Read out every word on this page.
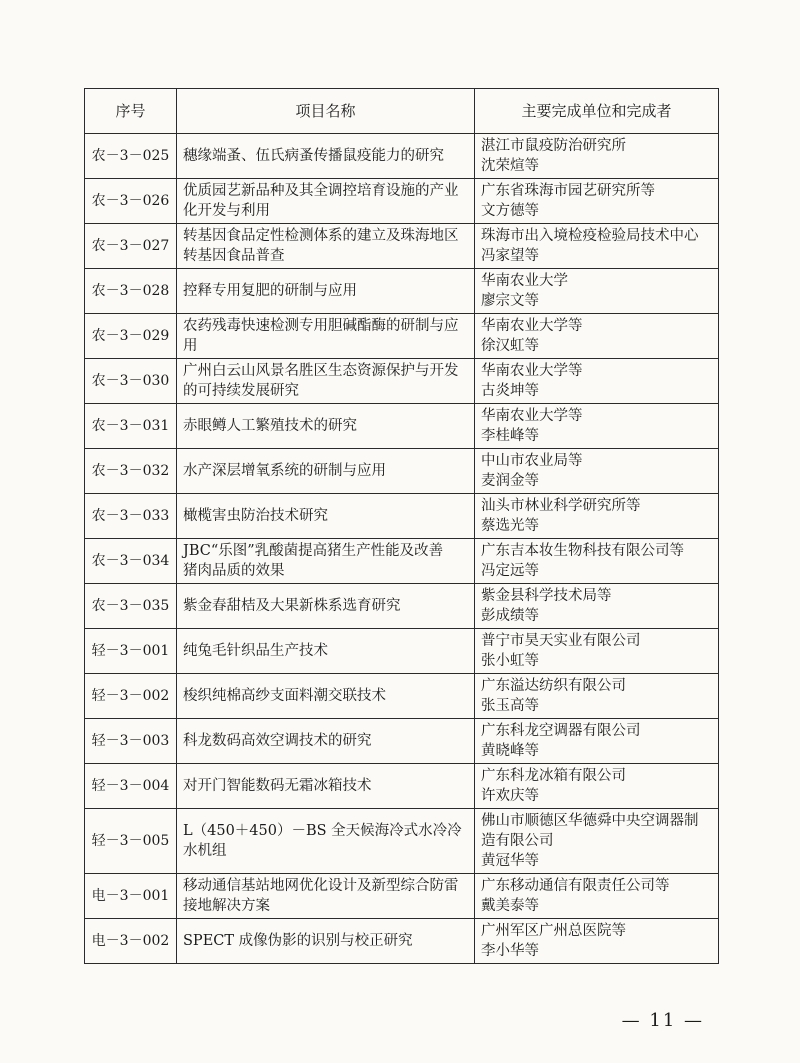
序号	项目名称	主要完成单位和完成者
农－3－025	穗缘端蚤、伍氏病蚤传播鼠疫能力的研究	湛江市鼠疫防治研究所
沈荣煊等

农－3－026	优质园艺新品种及其全调控培育设施的产业
化开发与利用	广东省珠海市园艺研究所等
文方德等

农－3－027	转基因食品定性检测体系的建立及珠海地区
转基因食品普查	珠海市出入境检疫检验局技术中心
冯家望等

农－3－028	控释专用复肥的研制与应用	华南农业大学
廖宗文等

农－3－029	农药残毒快速检测专用胆碱酯酶的研制与应
用	华南农业大学等
徐汉虹等

农－3－030	广州白云山风景名胜区生态资源保护与开发
的可持续发展研究	华南农业大学等
古炎坤等

农－3－031	赤眼鳟人工繁殖技术的研究	华南农业大学等
李桂峰等

农－3－032	水产深层增氧系统的研制与应用	中山市农业局等
麦润金等

农－3－033	橄榄害虫防治技术研究	汕头市林业科学研究所等
蔡选光等

农－3－034	JBC“乐图”乳酸菌提高猪生产性能及改善
猪肉品质的效果	广东吉本妆生物科技有限公司等
冯定远等

农－3－035	紫金春甜桔及大果新株系选育研究	紫金县科学技术局等
彭成绩等

轻－3－001	纯兔毛针织品生产技术	普宁市昊天实业有限公司
张小虹等

轻－3－002	梭织纯棉高纱支面料潮交联技术	广东溢达纺织有限公司
张玉高等

轻－3－003	科龙数码高效空调技术的研究	广东科龙空调器有限公司
黄晓峰等

轻－3－004	对开门智能数码无霜冰箱技术	广东科龙冰箱有限公司
许欢庆等

轻－3－005	L（450＋450）－BS 全天候海冷式水冷冷
水机组	佛山市顺德区华德舜中央空调器制
造有限公司
黄冠华等

电－3－001	移动通信基站地网优化设计及新型综合防雷
接地解决方案	广东移动通信有限责任公司等
戴美泰等

电－3－002	SPECT 成像伪影的识别与校正研究	广州军区广州总医院等
李小华等
— 11 —
